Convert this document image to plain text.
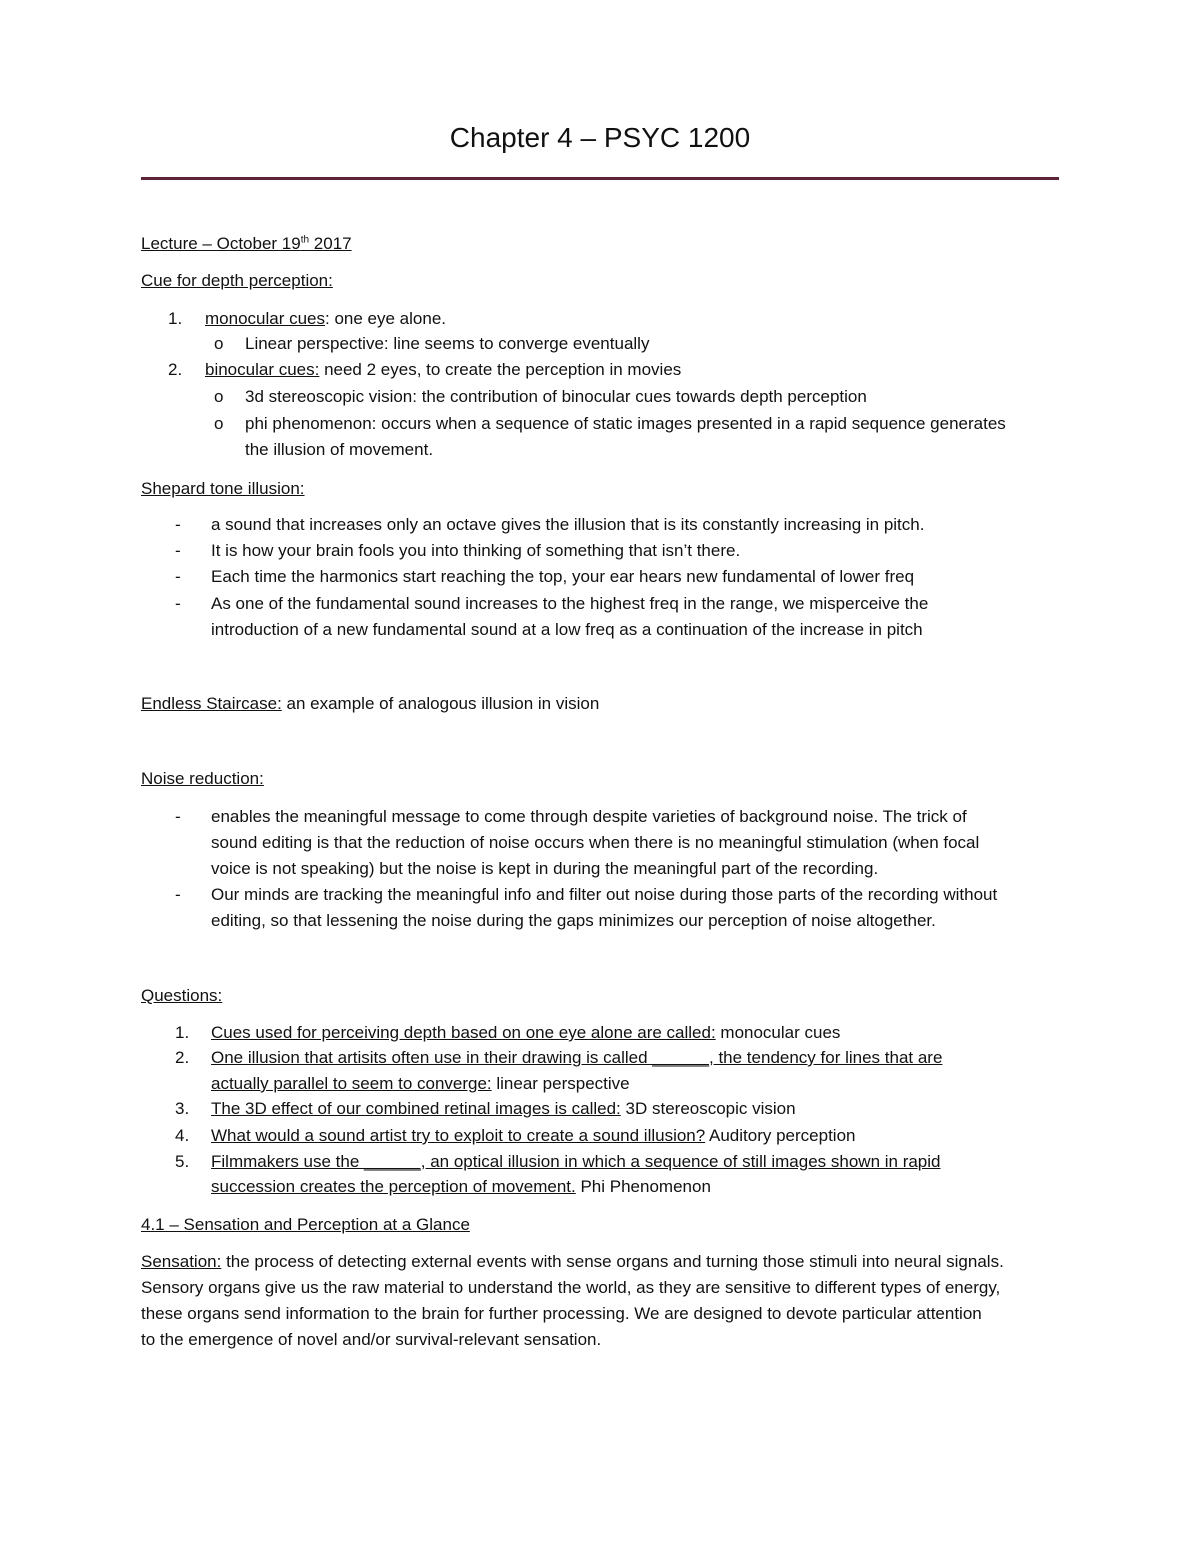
Chapter 4 – PSYC 1200
Lecture – October 19th 2017
Cue for depth perception:
1. monocular cues: one eye alone.
o Linear perspective: line seems to converge eventually
2. binocular cues: need 2 eyes, to create the perception in movies
o 3d stereoscopic vision: the contribution of binocular cues towards depth perception
o phi phenomenon: occurs when a sequence of static images presented in a rapid sequence generates
the illusion of movement.
Shepard tone illusion:
- a sound that increases only an octave gives the illusion that is its constantly increasing in pitch.
- It is how your brain fools you into thinking of something that isn’t there.
- Each time the harmonics start reaching the top, your ear hears new fundamental of lower freq
- As one of the fundamental sound increases to the highest freq in the range, we misperceive the
introduction of a new fundamental sound at a low freq as a continuation of the increase in pitch
Endless Staircase: an example of analogous illusion in vision
Noise reduction:
- enables the meaningful message to come through despite varieties of background noise. The trick of
sound editing is that the reduction of noise occurs when there is no meaningful stimulation (when focal
voice is not speaking) but the noise is kept in during the meaningful part of the recording.
- Our minds are tracking the meaningful info and filter out noise during those parts of the recording without
editing, so that lessening the noise during the gaps minimizes our perception of noise altogether.
Questions:
1. Cues used for perceiving depth based on one eye alone are called: monocular cues
2. One illusion that artisits often use in their drawing is called ______, the tendency for lines that are
actually parallel to seem to converge: linear perspective
3. The 3D effect of our combined retinal images is called: 3D stereoscopic vision
4. What would a sound artist try to exploit to create a sound illusion? Auditory perception
5. Filmmakers use the ______, an optical illusion in which a sequence of still images shown in rapid
succession creates the perception of movement. Phi Phenomenon
4.1 – Sensation and Perception at a Glance
Sensation: the process of detecting external events with sense organs and turning those stimuli into neural signals.
Sensory organs give us the raw material to understand the world, as they are sensitive to different types of energy,
these organs send information to the brain for further processing. We are designed to devote particular attention
to the emergence of novel and/or survival-relevant sensation.
